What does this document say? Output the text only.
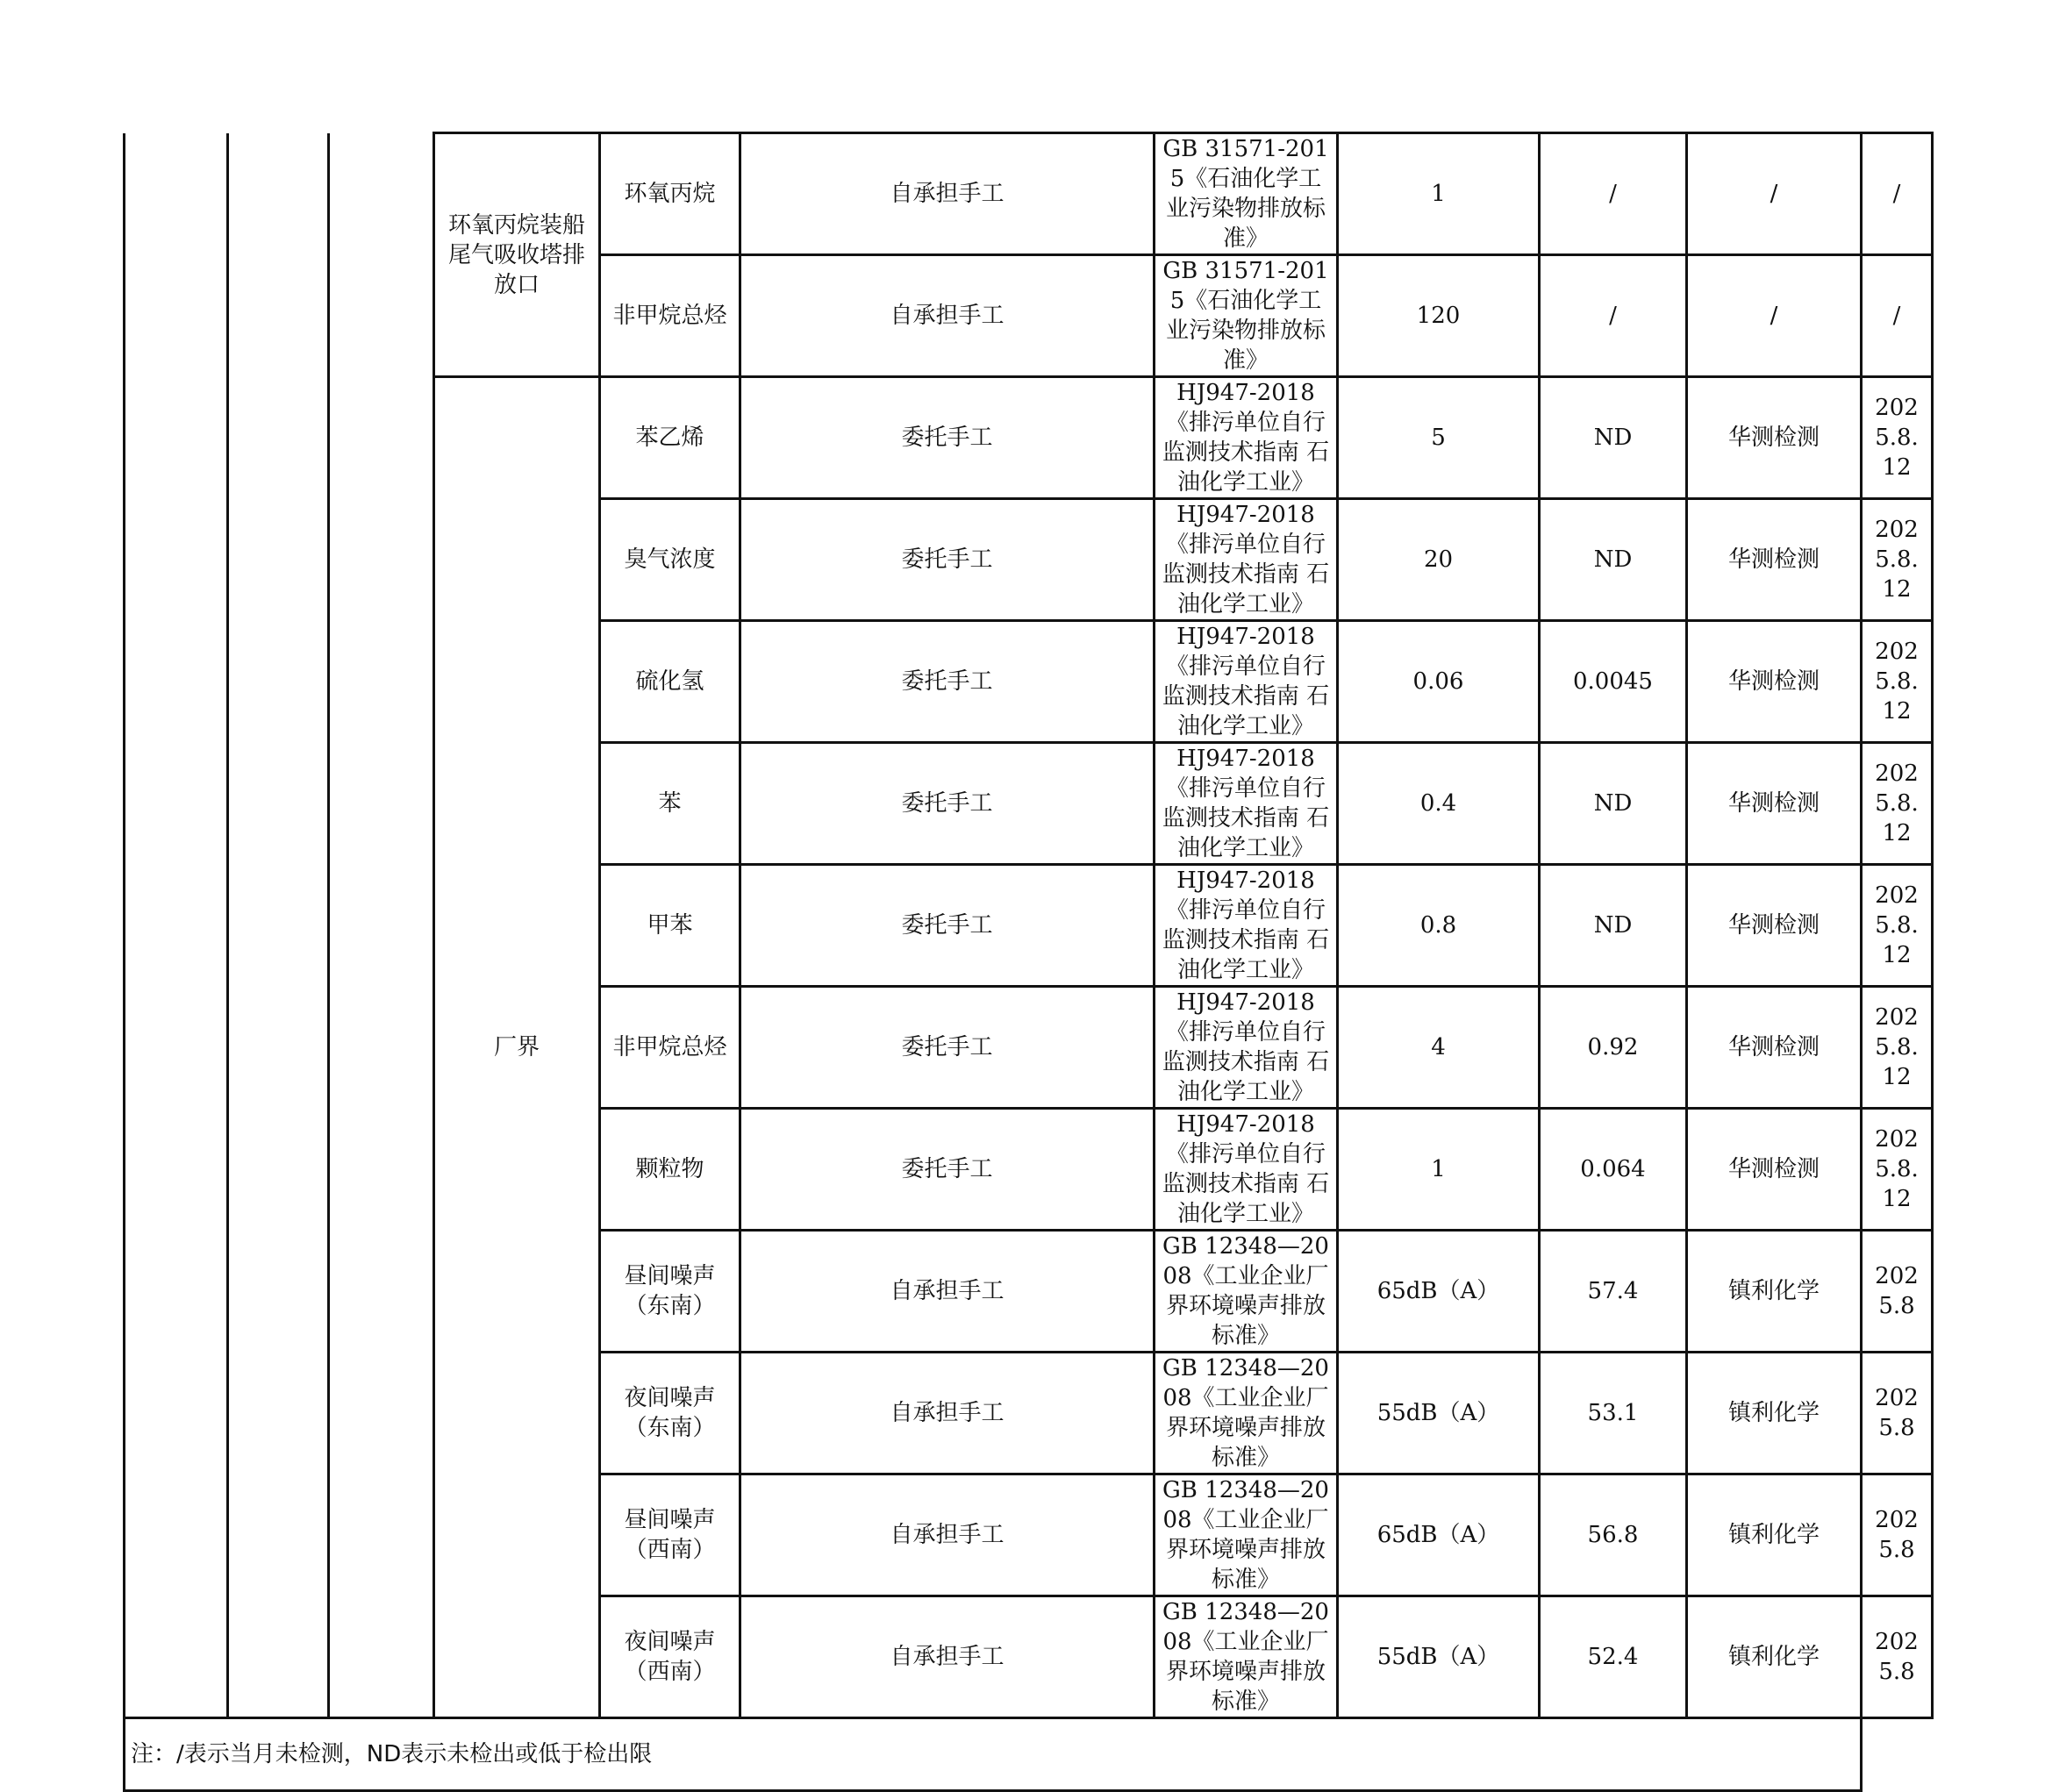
			环氧丙烷装船尾气吸收塔排放口	环氧丙烷	自承担手工	GB 31571-2015《石油化学工业污染物排放标准》	1	/	/	/
				非甲烷总烃	自承担手工	GB 31571-2015《石油化学工业污染物排放标准》	120	/	/	/
			厂界	苯乙烯	委托手工	HJ947-2018 《排污单位自行监测技术指南 石油化学工业》	5	ND	华测检测	2025.8.12
				臭气浓度	委托手工	HJ947-2018 《排污单位自行监测技术指南 石油化学工业》	20	ND	华测检测	2025.8.12
				硫化氢	委托手工	HJ947-2018 《排污单位自行监测技术指南 石油化学工业》	0.06	0.0045	华测检测	2025.8.12
				苯	委托手工	HJ947-2018 《排污单位自行监测技术指南 石油化学工业》	0.4	ND	华测检测	2025.8.12
				甲苯	委托手工	HJ947-2018 《排污单位自行监测技术指南 石油化学工业》	0.8	ND	华测检测	2025.8.12
				非甲烷总烃	委托手工	HJ947-2018 《排污单位自行监测技术指南 石油化学工业》	4	0.92	华测检测	2025.8.12
				颗粒物	委托手工	HJ947-2018 《排污单位自行监测技术指南 石油化学工业》	1	0.064	华测检测	2025.8.12
				昼间噪声（东南）	自承担手工	GB 12348—2008《工业企业厂界环境噪声排放标准》	65dB（A）	57.4	镇利化学	2025.8
				夜间噪声（东南）	自承担手工	GB 12348—2008《工业企业厂界环境噪声排放标准》	55dB（A）	53.1	镇利化学	2025.8
				昼间噪声（西南）	自承担手工	GB 12348—2008《工业企业厂界环境噪声排放标准》	65dB（A）	56.8	镇利化学	2025.8
				夜间噪声（西南）	自承担手工	GB 12348—2008《工业企业厂界环境噪声排放标准》	55dB（A）	52.4	镇利化学	2025.8
注：/表示当月未检测，ND表示未检出或低于检出限										
